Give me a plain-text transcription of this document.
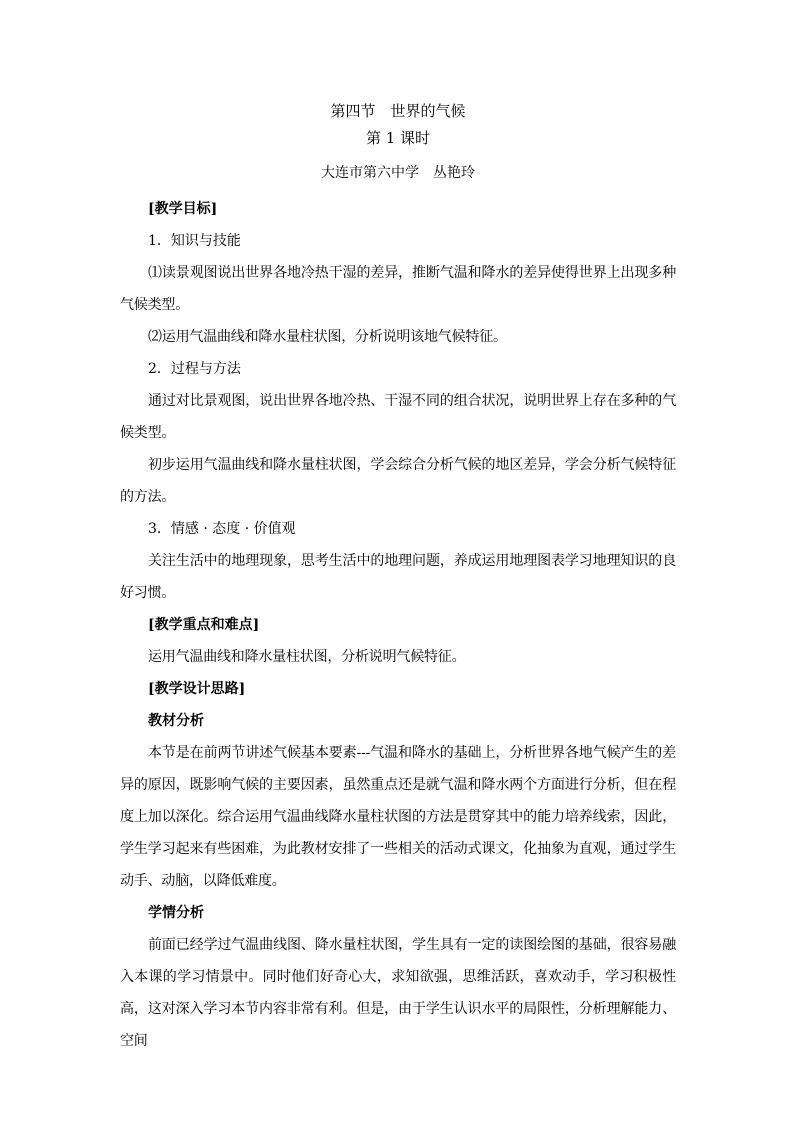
第四节　世界的气候

第 1 课时

大连市第六中学　丛艳玲

[教学目标]

1．知识与技能

⑴读景观图说出世界各地冷热干湿的差异，推断气温和降水的差异使得世界上出现多种气候类型。

⑵运用气温曲线和降水量柱状图，分析说明该地气候特征。

2．过程与方法

通过对比景观图，说出世界各地冷热、干湿不同的组合状况，说明世界上存在多种的气候类型。

初步运用气温曲线和降水量柱状图，学会综合分析气候的地区差异，学会分析气候特征的方法。

3．情感 · 态度 · 价值观

关注生活中的地理现象，思考生活中的地理问题，养成运用地理图表学习地理知识的良好习惯。

[教学重点和难点]

运用气温曲线和降水量柱状图，分析说明气候特征。

[教学设计思路]

教材分析

本节是在前两节讲述气候基本要素---气温和降水的基础上，分析世界各地气候产生的差异的原因，既影响气候的主要因素，虽然重点还是就气温和降水两个方面进行分析，但在程度上加以深化。综合运用气温曲线降水量柱状图的方法是贯穿其中的能力培养线索，因此，学生学习起来有些困难，为此教材安排了一些相关的活动式课文，化抽象为直观，通过学生动手、动脑，以降低难度。

学情分析

前面已经学过气温曲线图、降水量柱状图，学生具有一定的读图绘图的基础，很容易融入本课的学习情景中。同时他们好奇心大，求知欲强，思维活跃，喜欢动手，学习积极性高，这对深入学习本节内容非常有利。但是，由于学生认识水平的局限性，分析理解能力、空间
